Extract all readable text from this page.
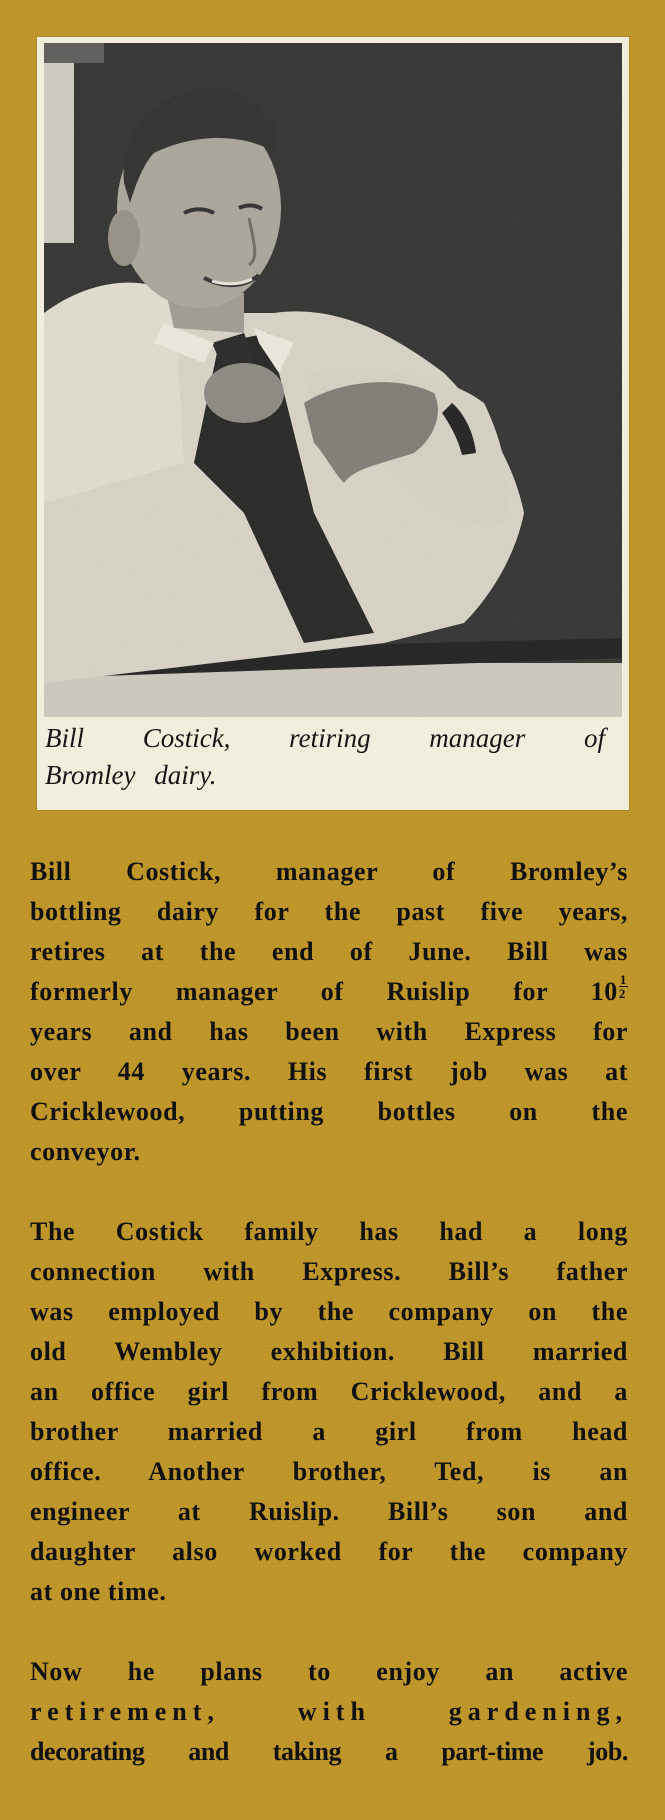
Bill Costick, retiring manager of
Bromley dairy.
Bill Costick, manager of Bromley’s
bottling dairy for the past five years,
retires at the end of June. Bill was
formerly manager of Ruislip for $10 \frac{1}{2}$
years and has been with Express for
over 44 years. His first job was at
Cricklewood, putting bottles on the
conveyor.
The Costick family has had a long
connection with Express. Bill’s father
was employed by the company on the
old Wembley exhibition. Bill married
an office girl from Cricklewood, and a
brother married a girl from head
office. Another brother, Ted, is an
engineer at Ruislip. Bill’s son and
daughter also worked for the company
at one time.
Now he plans to enjoy an active
retirement, with gardening,
decorating and taking a part-time job.
